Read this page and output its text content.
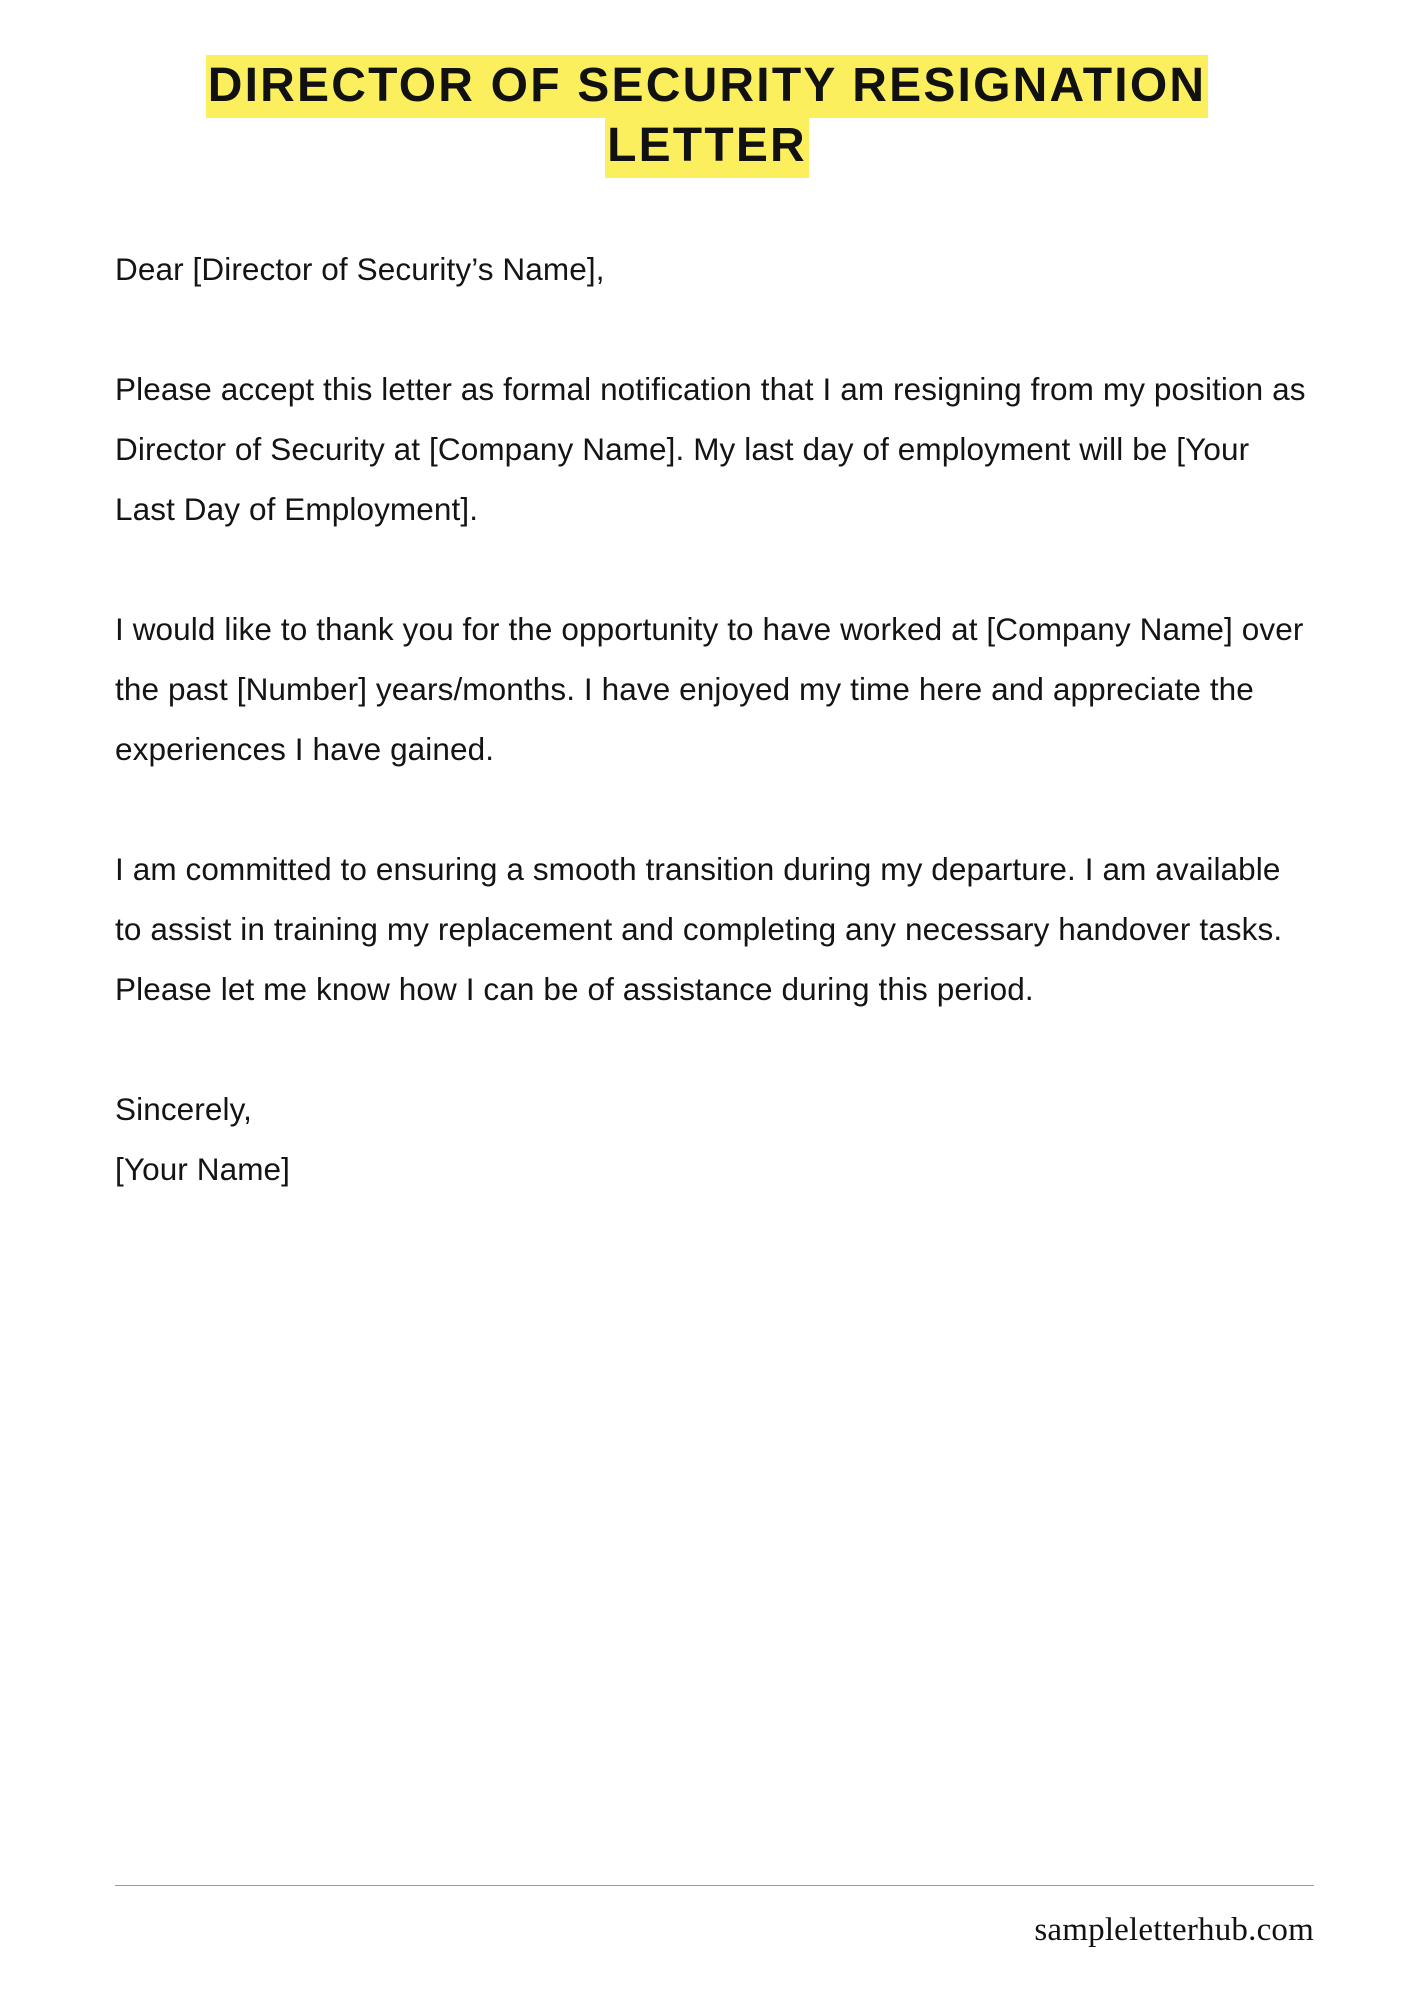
DIRECTOR OF SECURITY RESIGNATION
LETTER

Dear [Director of Security’s Name],

Please accept this letter as formal notification that I am resigning from my position as Director of Security at [Company Name]. My last day of employment will be [Your Last Day of Employment].

I would like to thank you for the opportunity to have worked at [Company Name] over the past [Number] years/months. I have enjoyed my time here and appreciate the experiences I have gained.

I am committed to ensuring a smooth transition during my departure. I am available to assist in training my replacement and completing any necessary handover tasks. Please let me know how I can be of assistance during this period.

Sincerely,
[Your Name]

sampleletterhub.com
